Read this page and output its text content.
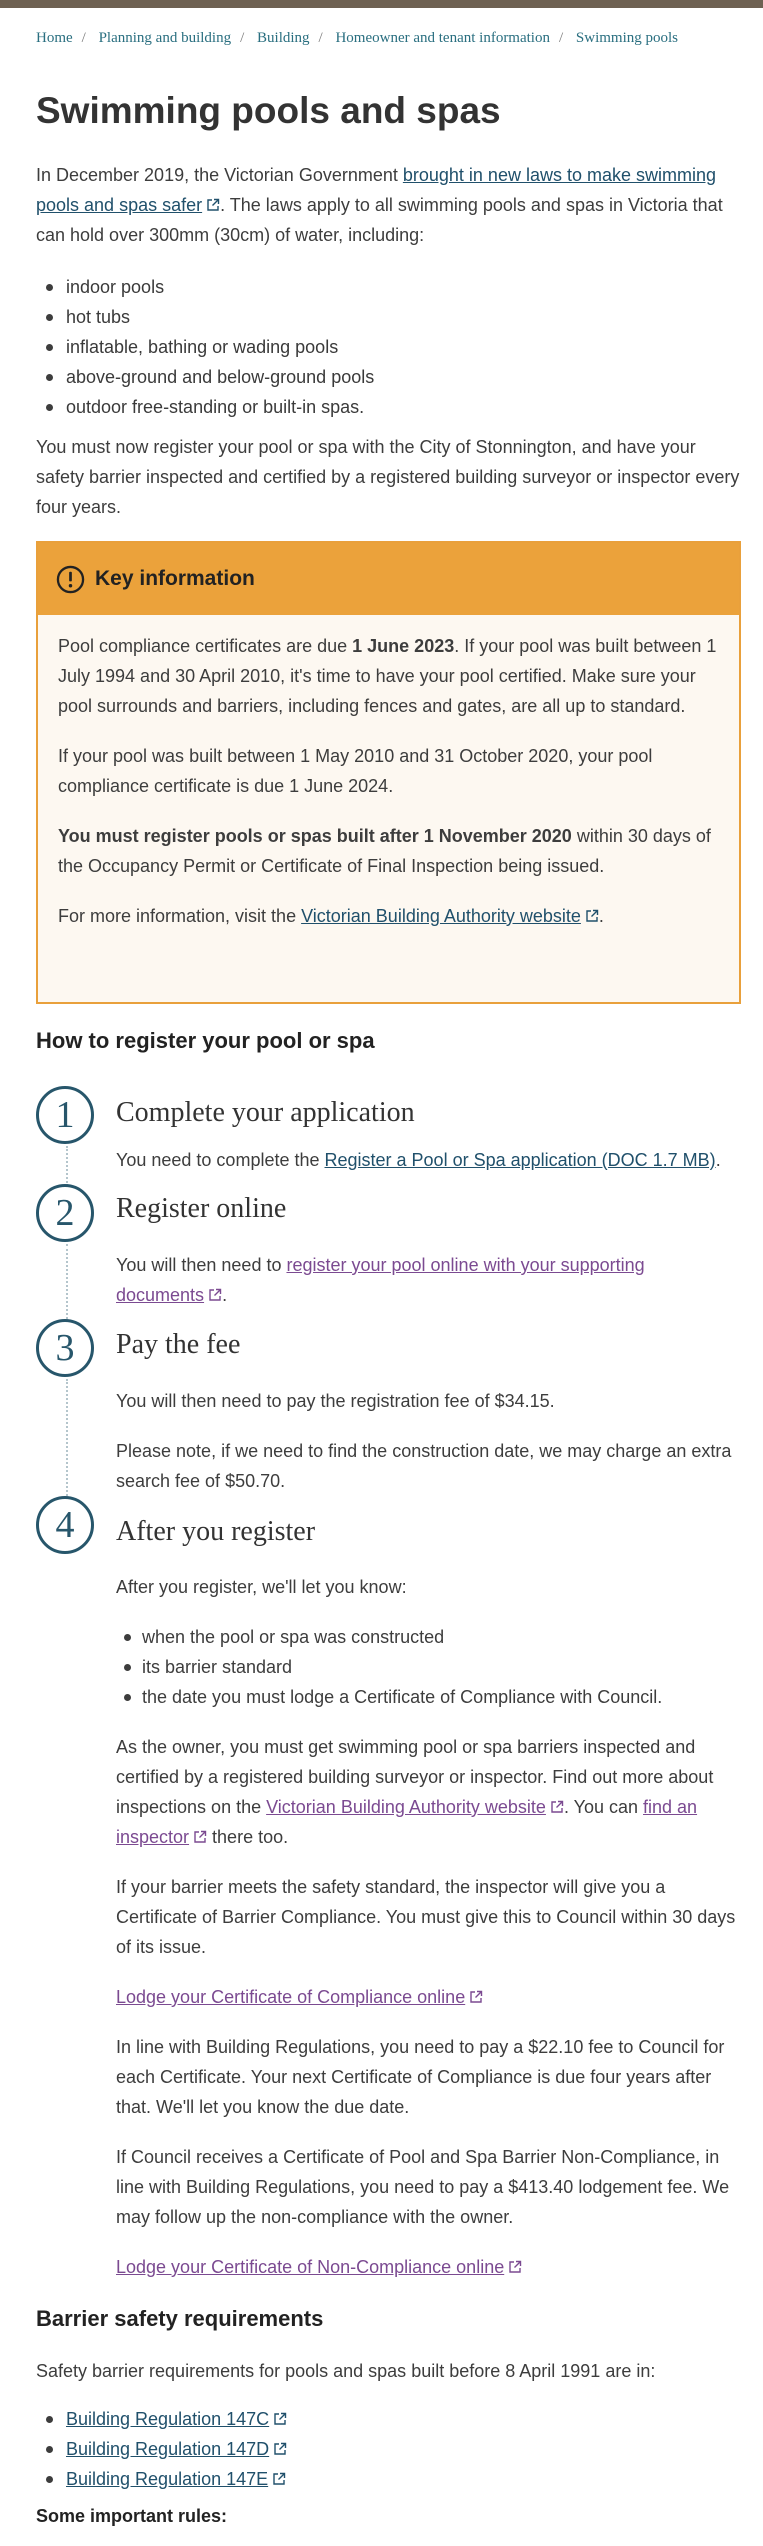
Home / Planning and building / Building / Homeowner and tenant information / Swimming pools
Swimming pools and spas

In December 2019, the Victorian Government brought in new laws to make swimming pools and spas safer . The laws apply to all swimming pools and spas in Victoria that can hold over 300mm (30cm) of water, including:

indoor pools
hot tubs
inflatable, bathing or wading pools
above-ground and below-ground pools
outdoor free-standing or built-in spas.

You must now register your pool or spa with the City of Stonnington, and have your safety barrier inspected and certified by a registered building surveyor or inspector every four years.

Key information

Pool compliance certificates are due 1 June 2023. If your pool was built between 1 July 1994 and 30 April 2010, it's time to have your pool certified. Make sure your pool surrounds and barriers, including fences and gates, are all up to standard.

If your pool was built between 1 May 2010 and 31 October 2020, your pool compliance certificate is due 1 June 2024.

You must register pools or spas built after 1 November 2020 within 30 days of the Occupancy Permit or Certificate of Final Inspection being issued.

For more information, visit the Victorian Building Authority website .

How to register your pool or spa
1	Complete your application

You need to complete the Register a Pool or Spa application (DOC 1.7 MB).

2	Register online

You will then need to register your pool online with your supporting documents .

3	Pay the fee

You will then need to pay the registration fee of $34.15.

Please note, if we need to find the construction date, we may charge an extra search fee of $50.70.

4	After you register

After you register, we'll let you know:

when the pool or spa was constructed
its barrier standard
the date you must lodge a Certificate of Compliance with Council.

As the owner, you must get swimming pool or spa barriers inspected and certified by a registered building surveyor or inspector. Find out more about inspections on the Victorian Building Authority website . You can find an inspector there too.

If your barrier meets the safety standard, the inspector will give you a Certificate of Barrier Compliance. You must give this to Council within 30 days of its issue.

Lodge your Certificate of Compliance online

In line with Building Regulations, you need to pay a $22.10 fee to Council for each Certificate. Your next Certificate of Compliance is due four years after that. We'll let you know the due date.

If Council receives a Certificate of Pool and Spa Barrier Non-Compliance, in line with Building Regulations, you need to pay a $413.40 lodgement fee. We may follow up the non-compliance with the owner.

Lodge your Certificate of Non-Compliance online

Barrier safety requirements

Safety barrier requirements for pools and spas built before 8 April 1991 are in:

Building Regulation 147C
Building Regulation 147D
Building Regulation 147E
Some important rules:
